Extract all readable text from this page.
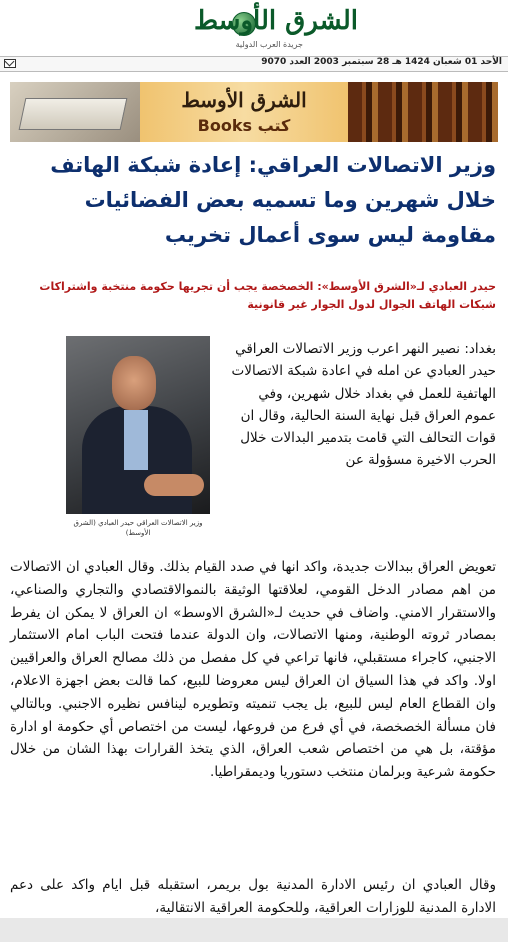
الشرق الأوسط
جريدة العرب الدولية
الأحد 01 شعبان 1424 هـ 28 سبتمبر 2003 العدد 9070
الشرق الأوسط
Books كتب
وزير الاتصالات العراقي: إعادة شبكة الهاتف خلال شهرين وما تسميه بعض الفضائيات مقاومة ليس سوى أعمال تخريب
حيدر العبادي لـ«الشرق الأوسط»: الخصخصة يجب أن تجريها حكومة منتخبة واشتراكات شبكات الهاتف الجوال لدول الجوار غير قانونية
وزير الاتصالات العراقي حيدر العبادي (الشرق الأوسط)
بغداد: نصير النهر اعرب وزير الاتصالات العراقي حيدر العبادي عن امله في اعادة شبكة الاتصالات الهاتفية للعمل في بغداد خلال شهرين، وفي عموم العراق قبل نهاية السنة الحالية، وقال ان قوات التحالف التي قامت بتدمير البدالات خلال الحرب الاخيرة مسؤولة عن

تعويض العراق ببدالات جديدة، واكد انها في صدد القيام بذلك. وقال العبادي ان الاتصالات من اهم مصادر الدخل القومي، لعلاقتها الوثيقة بالنموالاقتصادي والتجاري والصناعي، والاستقرار الامني. واضاف في حديث لـ«الشرق الاوسط» ان العراق لا يمكن ان يفرط بمصادر ثروته الوطنية، ومنها الاتصالات، وان الدولة عندما فتحت الباب امام الاستثمار الاجنبي، كاجراء مستقبلي، فانها تراعي في كل مفصل من ذلك مصالح العراق والعراقيين اولا. واكد في هذا السياق ان العراق ليس معروضا للبيع، كما قالت بعض اجهزة الاعلام، وان القطاع العام ليس للبيع، بل يجب تنميته وتطويره لينافس نظيره الاجنبي. وبالتالي فان مسألة الخصخصة، في أي فرع من فروعها، ليست من اختصاص أي حكومة او ادارة مؤقتة، بل هي من اختصاص شعب العراق، الذي يتخذ القرارات بهذا الشان من خلال حكومة شرعية وبرلمان منتخب دستوريا وديمقراطيا.

وقال العبادي ان رئيس الادارة المدنية بول بريمر، استقبله قبل ايام واكد على دعم الادارة المدنية للوزارات العراقية، وللحكومة العراقية الانتقالية،
